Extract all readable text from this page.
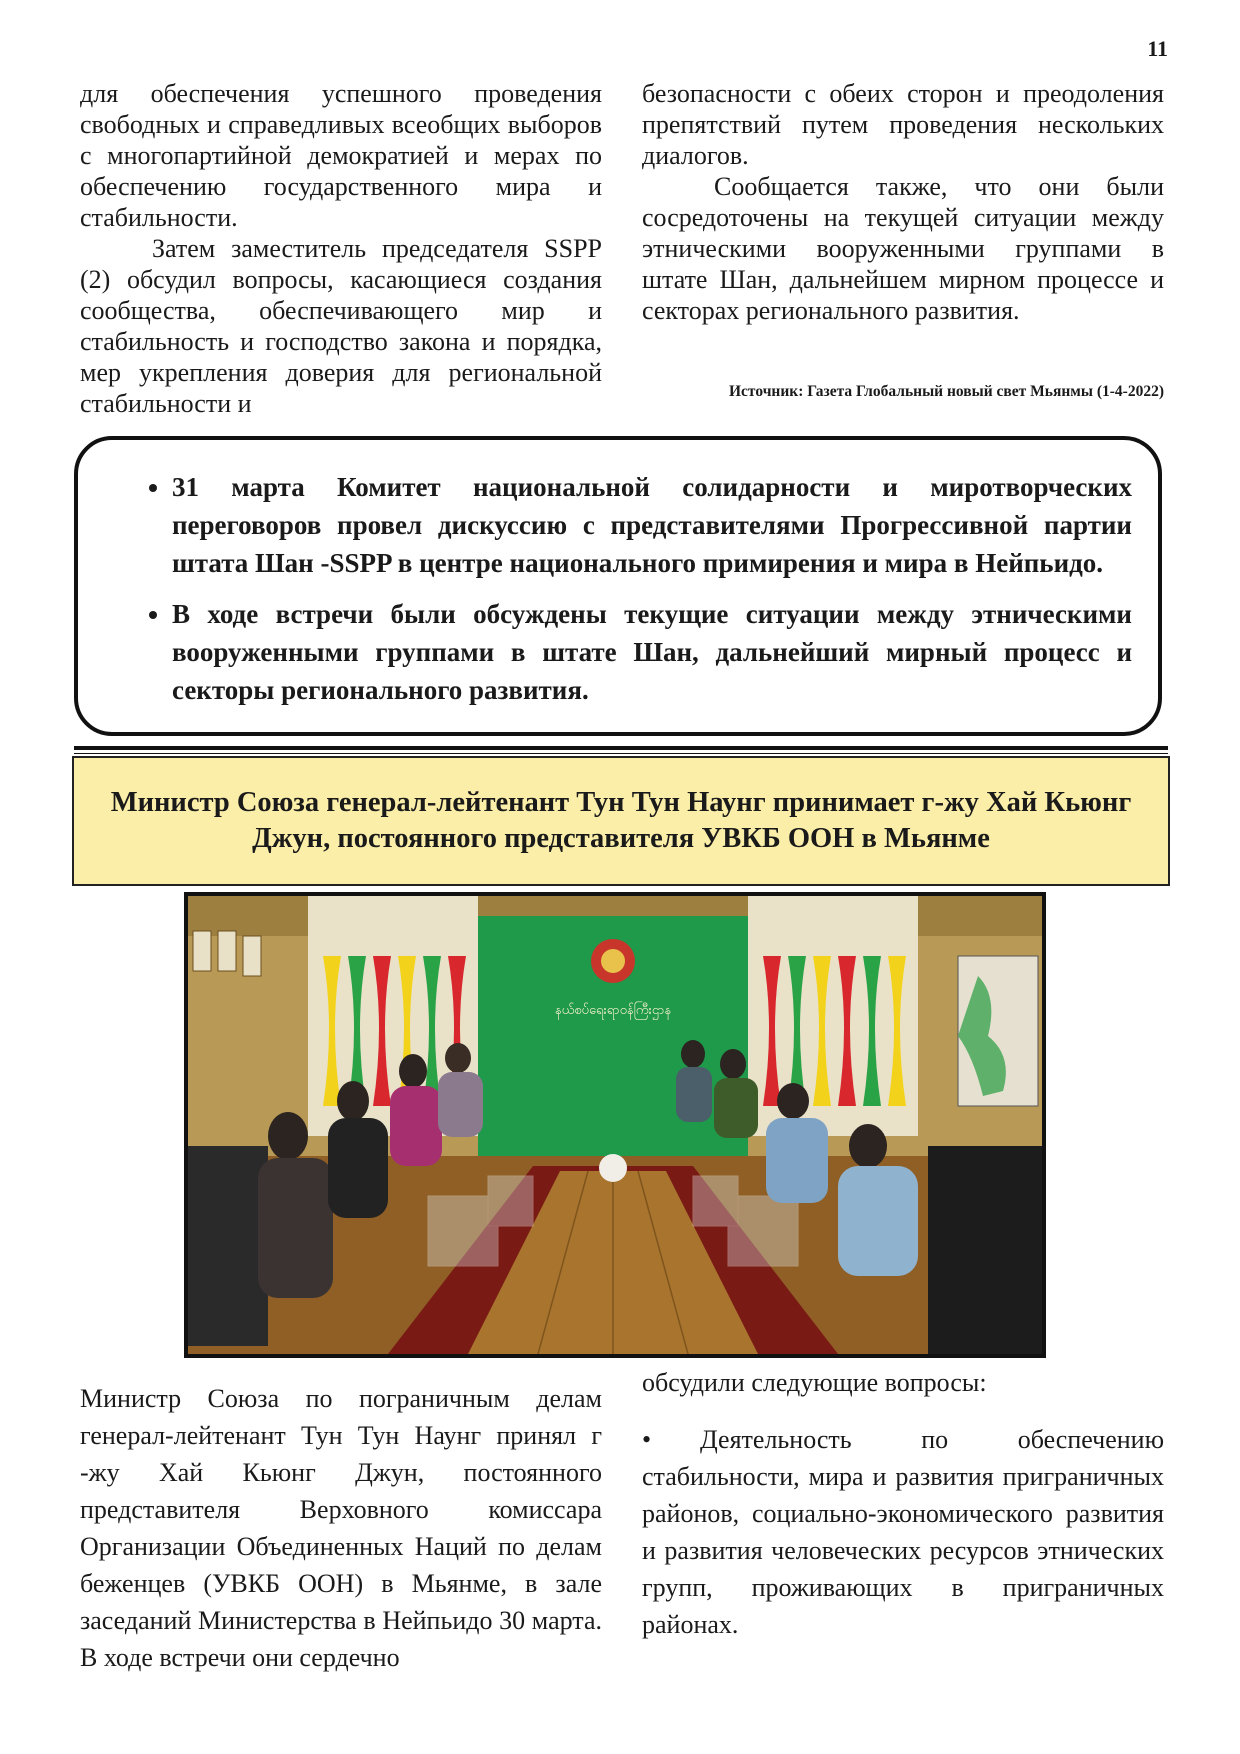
11

для обеспечения успешного проведения свободных и справедливых всеобщих выборов с многопартийной демократией и мерах по обеспечению государственного мира и стабильности.

Затем заместитель председателя SSPP (2) обсудил вопросы, касающиеся создания сообщества, обеспечивающего мир и стабильность и господство закона и порядка, мер укрепления доверия для региональной стабильности и

безопасности с обеих сторон и преодоления препятствий путем проведения нескольких диалогов.

Сообщается также, что они были сосредоточены на текущей ситуации между этническими вооруженными группами в штате Шан, дальнейшем мирном процессе и секторах регионального развития.

Источник: Газета Глобальный новый свет Мьянмы (1-4-2022)
• 31 марта Комитет национальной солидарности и миротворческих переговоров провел дискуссию с представителями Прогрессивной партии штата Шан -SSPP в центре национального примирения и мира в Нейпьидо.
• В ходе встречи были обсуждены текущие ситуации между этническими вооруженными группами в штате Шан, дальнейший мирный процесс и секторы регионального развития.
Министр Союза генерал-лейтенант Тун Тун Наунг принимает г-жу Хай Кьюнг Джун, постоянного представителя УВКБ ООН в Мьянме
နယ်စပ်ရေးရာဝန်ကြီးဌာန

Министр Союза по пограничным делам генерал-лейтенант Тун Тун Наунг принял г -жу Хай Кьюнг Джун, постоянного представителя Верховного комиссара Организации Объединенных Наций по делам беженцев (УВКБ ООН) в Мьянме, в зале заседаний Министерства в Нейпьидо 30 марта. В ходе встречи они сердечно

обсудили следующие вопросы:

• Деятельность по обеспечению стабильности, мира и развития приграничных районов, социально-экономического развития и развития человеческих ресурсов этнических групп, проживающих в приграничных районах.
